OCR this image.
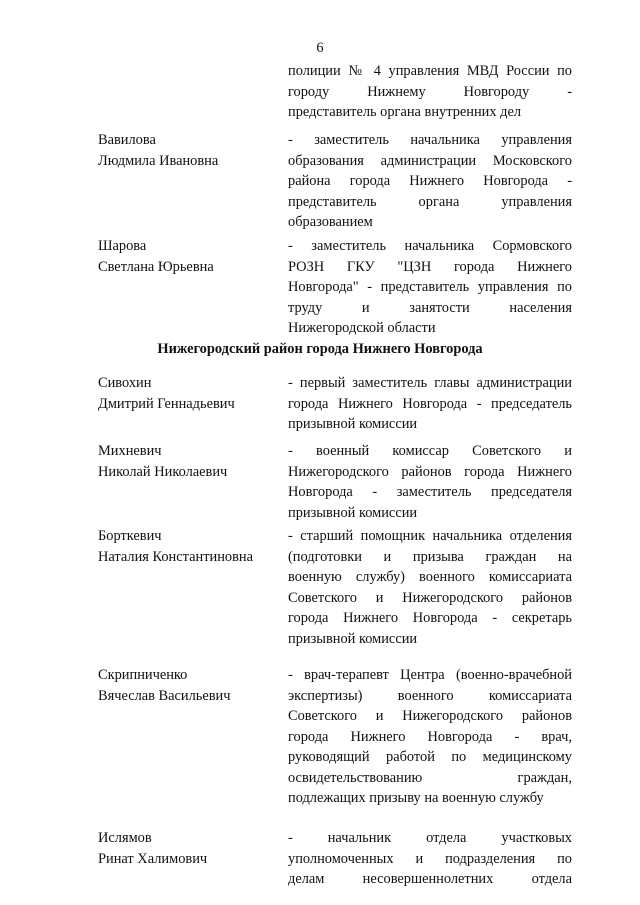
6
полиции № 4 управления МВД России по
городу Нижнему Новгороду -
представитель органа внутренних дел
Вавилова
Людмила Ивановна
- заместитель начальника управления
образования администрации Московского
района города Нижнего Новгорода -
представитель органа управления
образованием
Шарова
Светлана Юрьевна
- заместитель начальника Сормовского
РОЗН ГКУ "ЦЗН города Нижнего
Новгорода" - представитель управления по
труду и занятости населения
Нижегородской области
Нижегородский район города Нижнего Новгорода
Сивохин
Дмитрий Геннадьевич
- первый заместитель главы администрации
города Нижнего Новгорода - председатель
призывной комиссии
Михневич
Николай Николаевич
- военный комиссар Советского и
Нижегородского районов города Нижнего
Новгорода - заместитель председателя
призывной комиссии
Борткевич
Наталия Константиновна
- старший помощник начальника отделения
(подготовки и призыва граждан на
военную службу) военного комиссариата
Советского и Нижегородского районов
города Нижнего Новгорода - секретарь
призывной комиссии
Скрипниченко
Вячеслав Васильевич
- врач-терапевт Центра (военно-врачебной
экспертизы) военного комиссариата
Советского и Нижегородского районов
города Нижнего Новгорода - врач,
руководящий работой по медицинскому
освидетельствованию граждан,
подлежащих призыву на военную службу
Ислямов
Ринат Халимович
- начальник отдела участковых
уполномоченных и подразделения по
делам несовершеннолетних отдела
